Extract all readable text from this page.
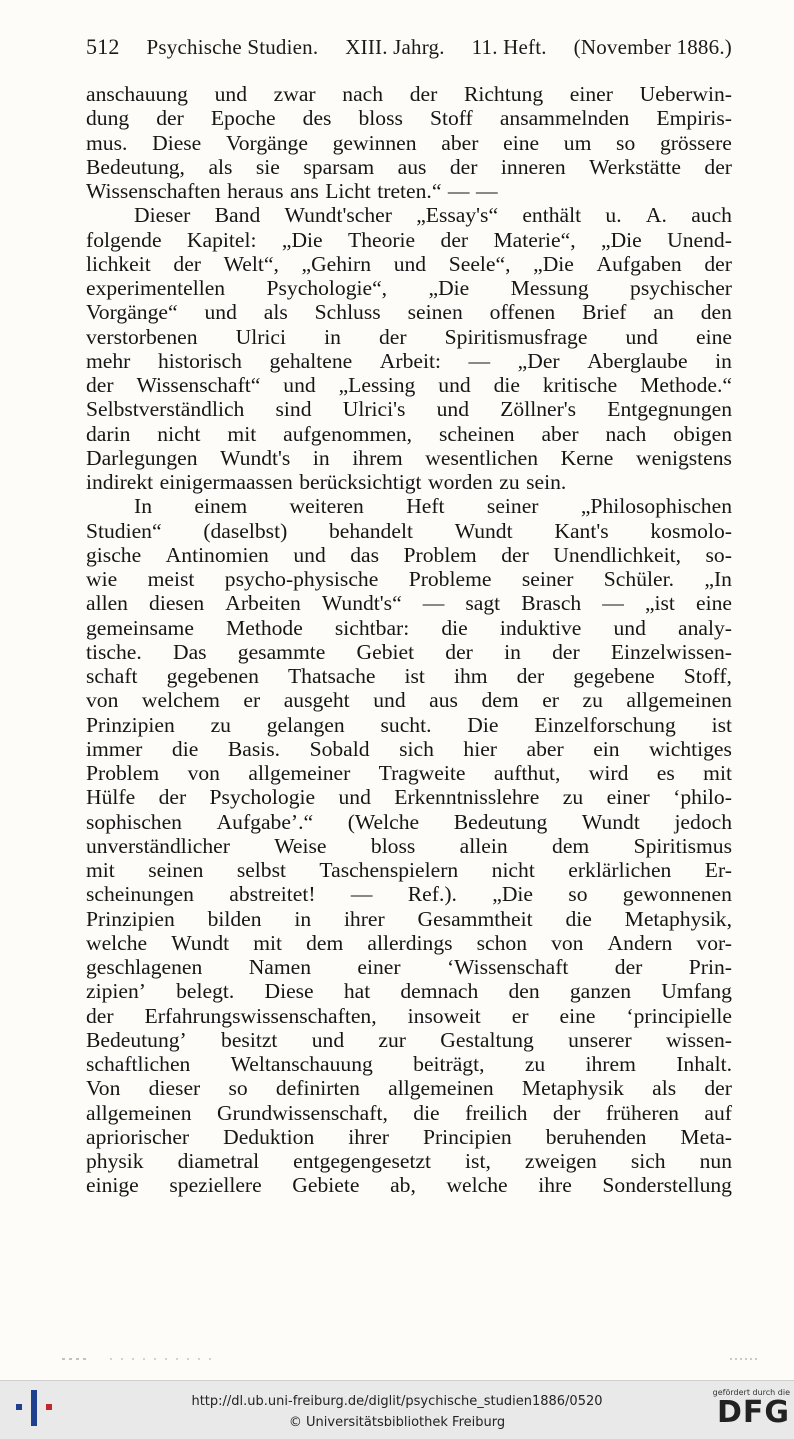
512 Psychische Studien. XIII. Jahrg. 11. Heft. (November 1886.)
anschauung und zwar nach der Richtung einer Ueberwin-
dung der Epoche des bloss Stoff ansammelnden Empiris-
mus. Diese Vorgänge gewinnen aber eine um so grössere
Bedeutung, als sie sparsam aus der inneren Werkstätte der
Wissenschaften heraus ans Licht treten.“ — —
Dieser Band Wundt'scher „Essay's“ enthält u. A. auch
folgende Kapitel: „Die Theorie der Materie“, „Die Unend-
lichkeit der Welt“, „Gehirn und Seele“, „Die Aufgaben der
experimentellen Psychologie“, „Die Messung psychischer
Vorgänge“ und als Schluss seinen offenen Brief an den
verstorbenen Ulrici in der Spiritismusfrage und eine
mehr historisch gehaltene Arbeit: — „Der Aberglaube in
der Wissenschaft“ und „Lessing und die kritische Methode.“
Selbstverständlich sind Ulrici's und Zöllner's Entgegnungen
darin nicht mit aufgenommen, scheinen aber nach obigen
Darlegungen Wundt's in ihrem wesentlichen Kerne wenigstens
indirekt einigermaassen berücksichtigt worden zu sein.
In einem weiteren Heft seiner „Philosophischen
Studien“ (daselbst) behandelt Wundt Kant's kosmolo-
gische Antinomien und das Problem der Unendlichkeit, so-
wie meist psycho-physische Probleme seiner Schüler. „In
allen diesen Arbeiten Wundt's“ — sagt Brasch — „ist eine
gemeinsame Methode sichtbar: die induktive und analy-
tische. Das gesammte Gebiet der in der Einzelwissen-
schaft gegebenen Thatsache ist ihm der gegebene Stoff,
von welchem er ausgeht und aus dem er zu allgemeinen
Prinzipien zu gelangen sucht. Die Einzelforschung ist
immer die Basis. Sobald sich hier aber ein wichtiges
Problem von allgemeiner Tragweite aufthut, wird es mit
Hülfe der Psychologie und Erkenntnisslehre zu einer ‘philo-
sophischen Aufgabe’.“ (Welche Bedeutung Wundt jedoch
unverständlicher Weise bloss allein dem Spiritismus
mit seinen selbst Taschenspielern nicht erklärlichen Er-
scheinungen abstreitet! — Ref.). „Die so gewonnenen
Prinzipien bilden in ihrer Gesammtheit die Metaphysik,
welche Wundt mit dem allerdings schon von Andern vor-
geschlagenen Namen einer ‘Wissenschaft der Prin-
zipien’ belegt. Diese hat demnach den ganzen Umfang
der Erfahrungswissenschaften, insoweit er eine ‘principielle
Bedeutung’ besitzt und zur Gestaltung unserer wissen-
schaftlichen Weltanschauung beiträgt, zu ihrem Inhalt.
Von dieser so definirten allgemeinen Metaphysik als der
allgemeinen Grundwissenschaft, die freilich der früheren auf
apriorischer Deduktion ihrer Principien beruhenden Meta-
physik diametral entgegengesetzt ist, zweigen sich nun
einige speziellere Gebiete ab, welche ihre Sonderstellung
http://dl.ub.uni-freiburg.de/diglit/psychische_studien1886/0520
© Universitätsbibliothek Freiburg
gefördert durch die
DFG
